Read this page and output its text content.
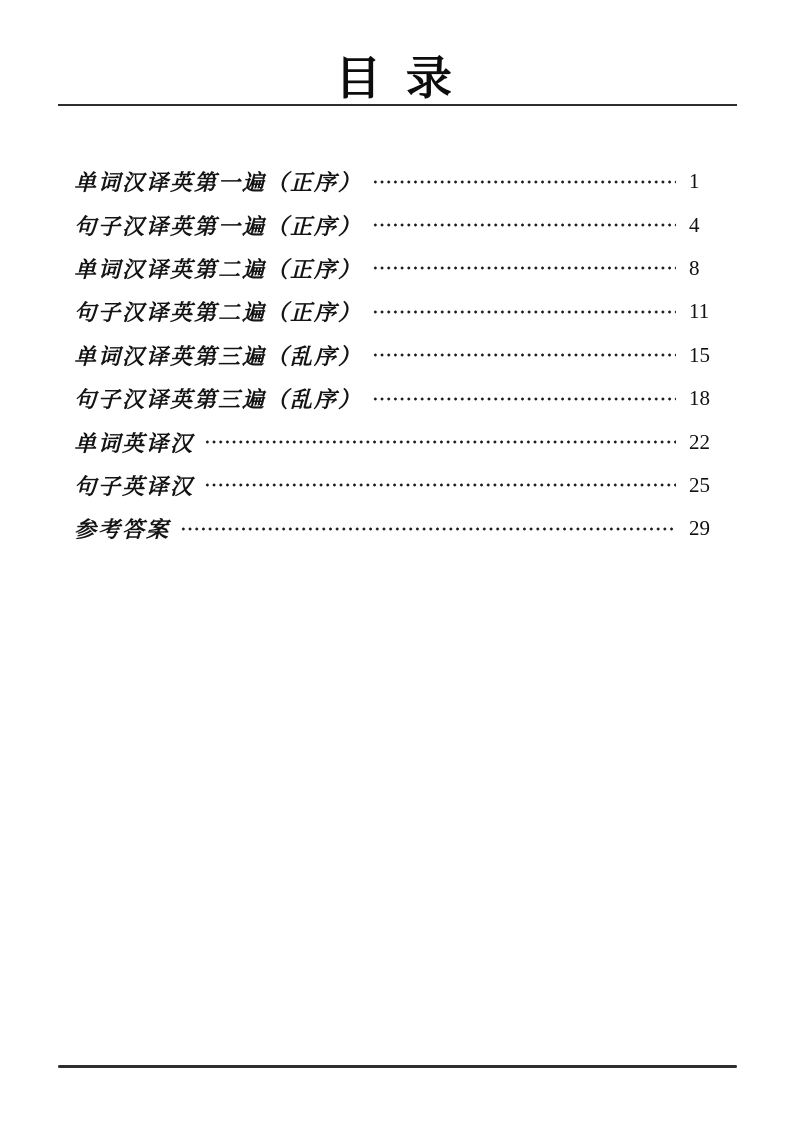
目 录
单词汉译英第一遍（正序）	1
句子汉译英第一遍（正序）	4
单词汉译英第二遍（正序）	8
句子汉译英第二遍（正序）	11
单词汉译英第三遍（乱序）	15
句子汉译英第三遍（乱序）	18
单词英译汉	22
句子英译汉	25
参考答案	29
